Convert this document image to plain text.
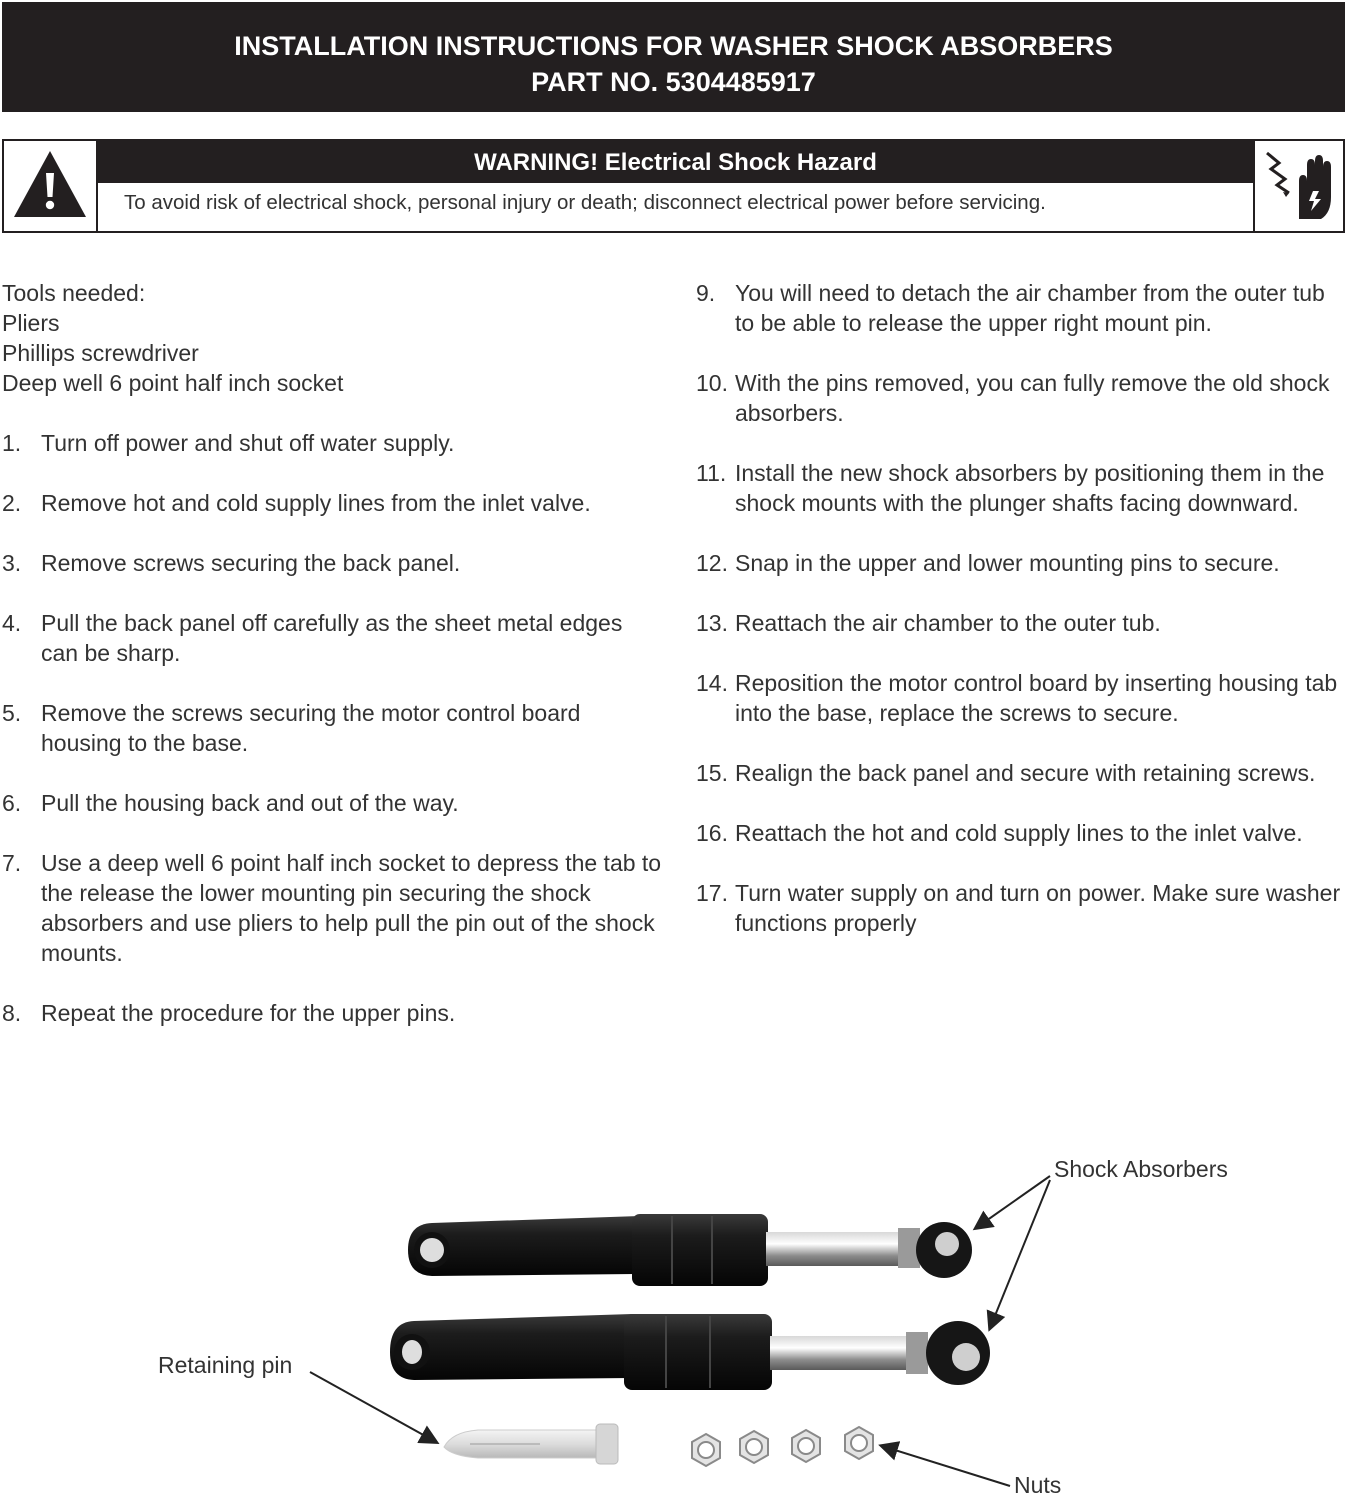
INSTALLATION INSTRUCTIONS FOR WASHER SHOCK ABSORBERS
PART NO. 5304485917
WARNING! Electrical Shock Hazard
To avoid risk of electrical shock, personal injury or death; disconnect electrical power before servicing.
Tools needed:
Pliers
Phillips screwdriver
Deep well 6 point half inch socket
1. Turn off power and shut off water supply.
2. Remove hot and cold supply lines from the inlet valve.
3. Remove screws securing the back panel.
4. Pull the back panel off carefully as the sheet metal edges can be sharp.
5. Remove the screws securing the motor control board housing to the base.
6. Pull the housing back and out of the way.
7. Use a deep well 6 point half inch socket to depress the tab to the release the lower mounting pin securing the shock absorbers and use pliers to help pull the pin out of the shock mounts.
8. Repeat the procedure for the upper pins.
9. You will need to detach the air chamber from the outer tub to be able to release the upper right mount pin.
10. With the pins removed, you can fully remove the old shock absorbers.
11. Install the new shock absorbers by positioning them in the shock mounts with the plunger shafts facing downward.
12. Snap in the upper and lower mounting pins to secure.
13. Reattach the air chamber to the outer tub.
14. Reposition the motor control board by inserting housing tab into the base, replace the screws to secure.
15. Realign the back panel and secure with retaining screws.
16. Reattach the hot and cold supply lines to the inlet valve.
17. Turn water supply on and turn on power. Make sure washer functions properly
Shock Absorbers
Retaining pin
Nuts
